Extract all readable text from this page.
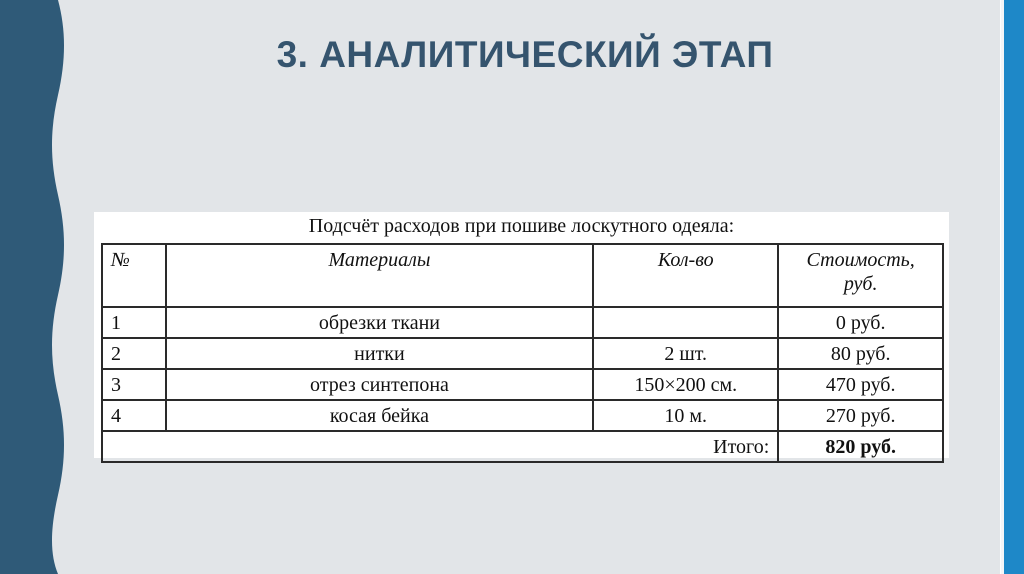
3. АНАЛИТИЧЕСКИЙ ЭТАП
Подсчёт расходов при пошиве лоскутного одеяла:
№	Материалы	Кол-во	Стоимость,
руб.
1	обрезки ткани		0 руб.
2	нитки	2 шт.	80 руб.
3	отрез синтепона	150×200 см.	470 руб.
4	косая бейка	10 м.	270 руб.
Итого:			820 руб.
